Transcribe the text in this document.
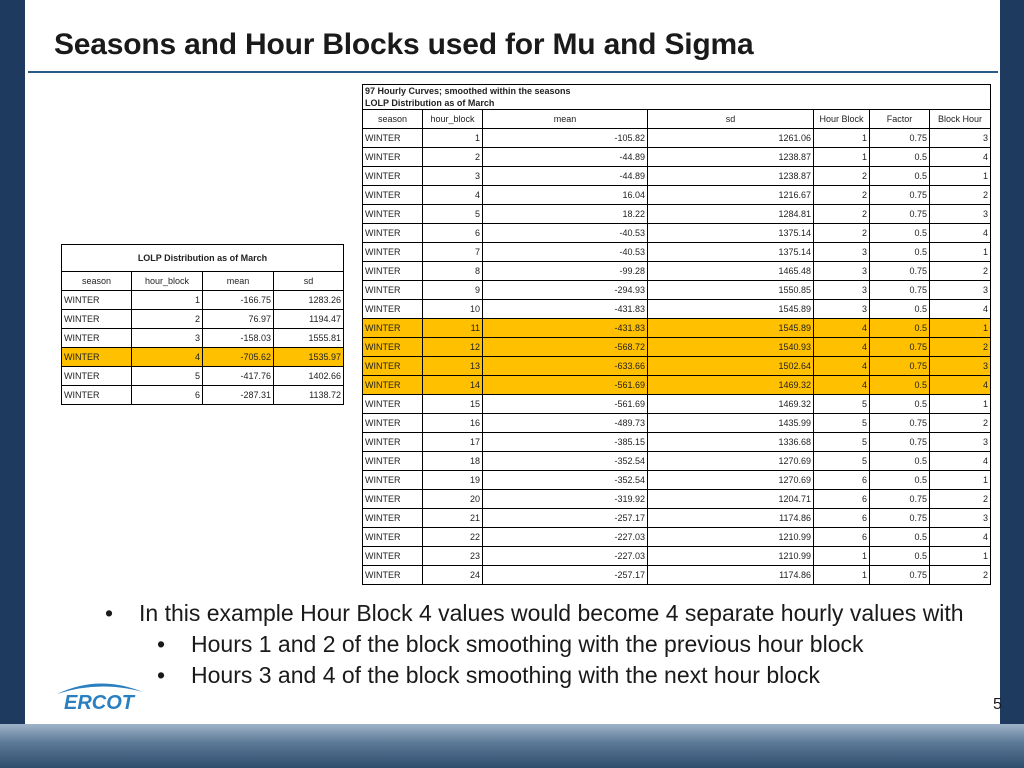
Seasons and Hour Blocks used for Mu and Sigma
LOLP Distribution as of March			
season	hour_block	mean	sd
WINTER	1	-166.75	1283.26
WINTER	2	76.97	1194.47
WINTER	3	-158.03	1555.81
WINTER	4	-705.62	1535.97
WINTER	5	-417.76	1402.66
WINTER	6	-287.31	1138.72
97 Hourly Curves; smoothed within the seasons						
LOLP Distribution as of March						
season	hour_block	mean	sd	Hour Block	Factor	Block Hour
WINTER	1	-105.82	1261.06	1	0.75	3
WINTER	2	-44.89	1238.87	1	0.5	4
WINTER	3	-44.89	1238.87	2	0.5	1
WINTER	4	16.04	1216.67	2	0.75	2
WINTER	5	18.22	1284.81	2	0.75	3
WINTER	6	-40.53	1375.14	2	0.5	4
WINTER	7	-40.53	1375.14	3	0.5	1
WINTER	8	-99.28	1465.48	3	0.75	2
WINTER	9	-294.93	1550.85	3	0.75	3
WINTER	10	-431.83	1545.89	3	0.5	4
WINTER	11	-431.83	1545.89	4	0.5	1
WINTER	12	-568.72	1540.93	4	0.75	2
WINTER	13	-633.66	1502.64	4	0.75	3
WINTER	14	-561.69	1469.32	4	0.5	4
WINTER	15	-561.69	1469.32	5	0.5	1
WINTER	16	-489.73	1435.99	5	0.75	2
WINTER	17	-385.15	1336.68	5	0.75	3
WINTER	18	-352.54	1270.69	5	0.5	4
WINTER	19	-352.54	1270.69	6	0.5	1
WINTER	20	-319.92	1204.71	6	0.75	2
WINTER	21	-257.17	1174.86	6	0.75	3
WINTER	22	-227.03	1210.99	6	0.5	4
WINTER	23	-227.03	1210.99	1	0.5	1
WINTER	24	-257.17	1174.86	1	0.75	2
• In this example Hour Block 4 values would become 4 separate hourly values with
• Hours 1 and 2 of the block smoothing with the previous hour block
• Hours 3 and 4 of the block smoothing with the next hour block
ERCOT	5
